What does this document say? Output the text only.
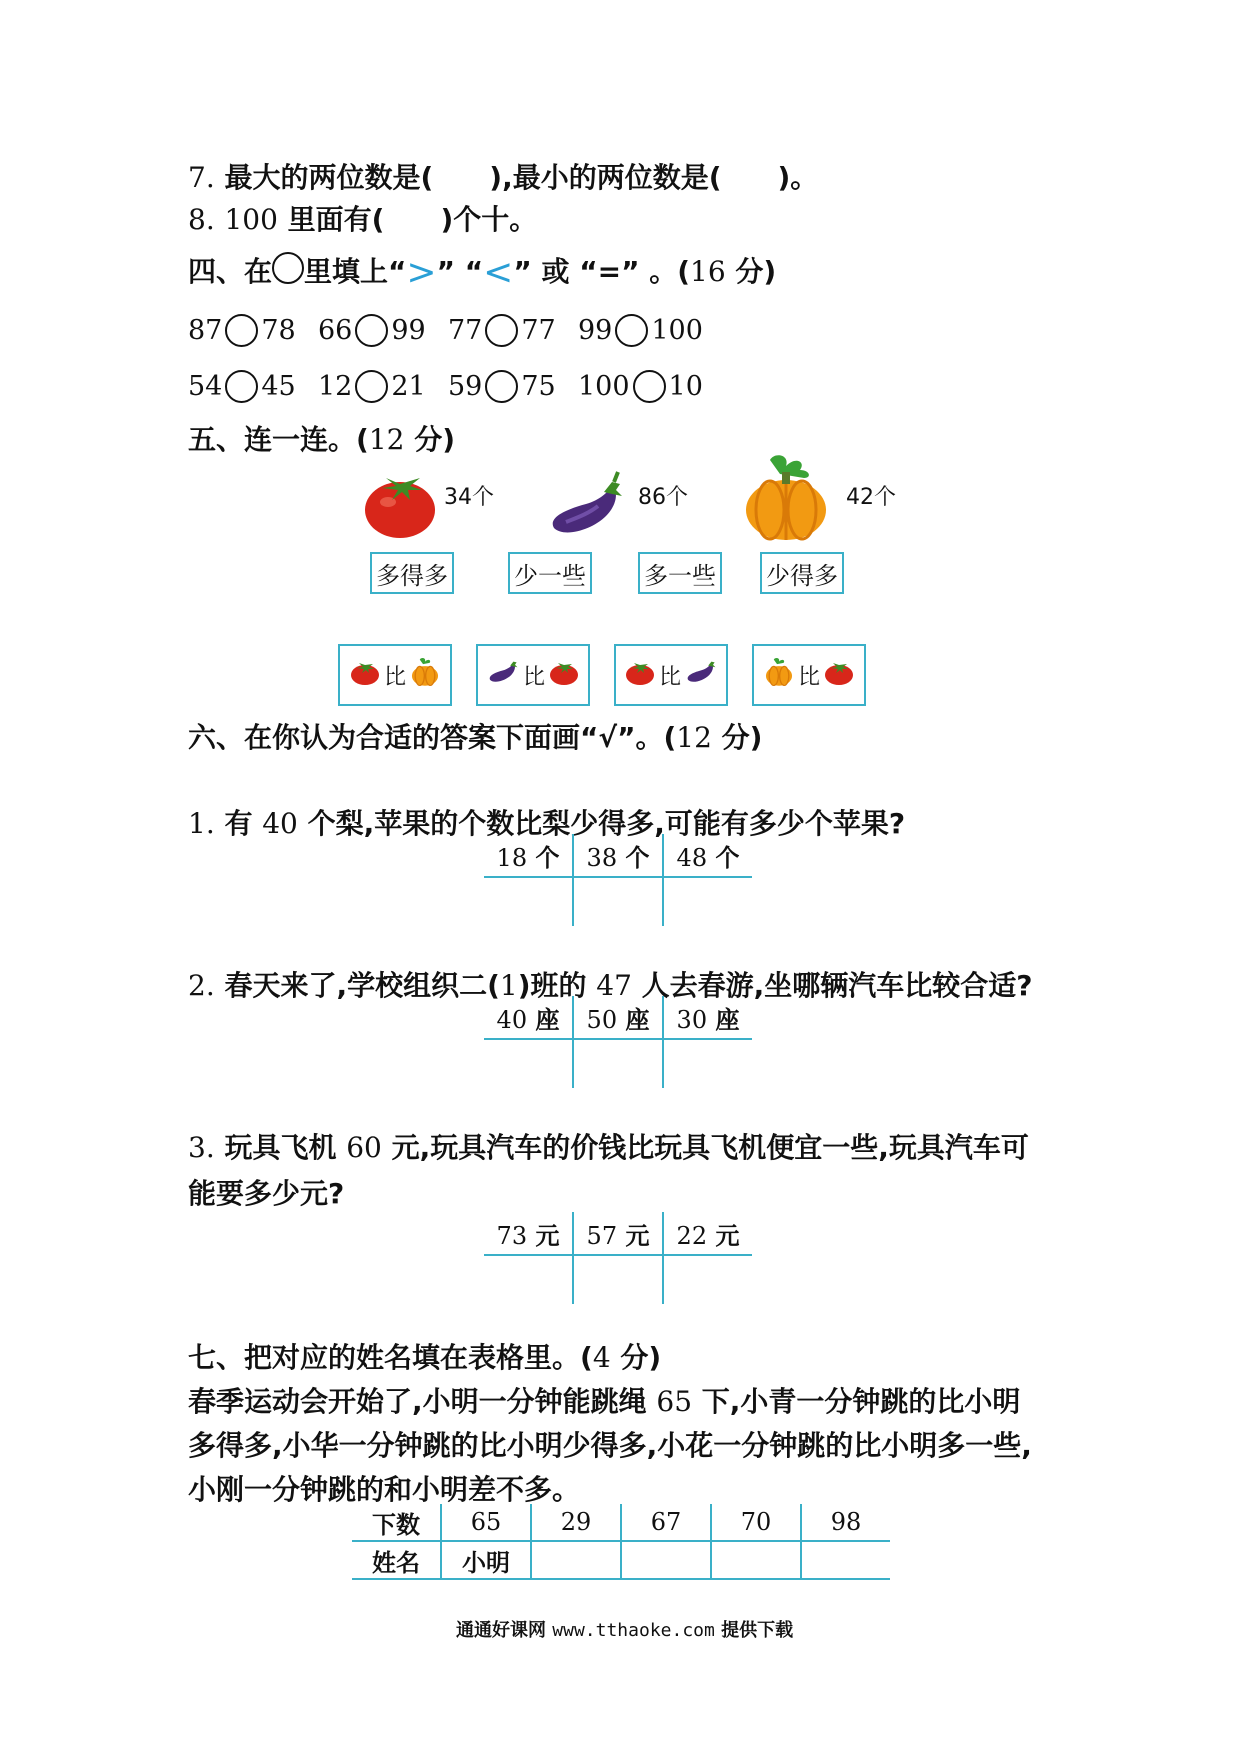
7. 最大的两位数是(　　),最小的两位数是(　　)。
8. 100 里面有(　　)个十。
四、在 里填上“>” “<” 或 “=” 。(16 分)
87 78 66 99 77 77 99 100
54 45 12 21 59 75 100 10
五、连一连。(12 分)
34个	86个	42个
多得多	少一些 多一些 少得多
比	比	比	比
六、在你认为合适的答案下面画“√”。(12 分)
1. 有 40 个梨,苹果的个数比梨少得多,可能有多少个苹果?
18 个	38 个	48 个

2. 春天来了,学校组织二(1)班的 47 人去春游,坐哪辆汽车比较合适?
40 座	50 座	30 座

3. 玩具飞机 60 元,玩具汽车的价钱比玩具飞机便宜一些,玩具汽车可
能要多少元?
73 元	57 元	22 元

七、把对应的姓名填在表格里。(4 分)
春季运动会开始了,小明一分钟能跳绳 65 下,小青一分钟跳的比小明
多得多,小华一分钟跳的比小明少得多,小花一分钟跳的比小明多一些,
小刚一分钟跳的和小明差不多。
下数	65	29	67	70	98
姓名	小明				
通通好课网 www.tthaoke.com 提供下载
